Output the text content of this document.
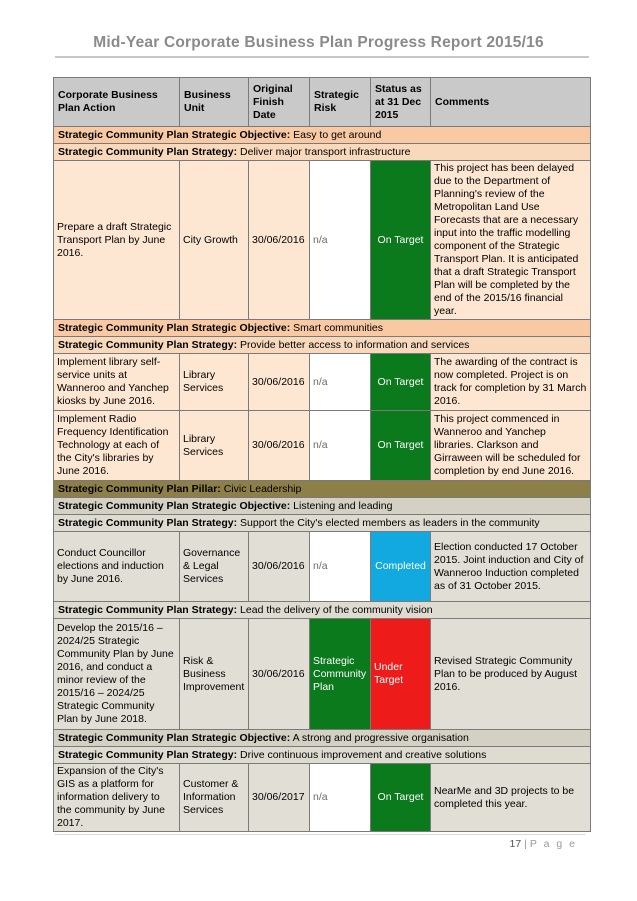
Mid-Year Corporate Business Plan Progress Report 2015/16
Corporate Business Plan Action	Business Unit	Original Finish Date	Strategic Risk	Status as at 31 Dec 2015	Comments
Strategic Community Plan Strategic Objective: Easy to get around					
Strategic Community Plan Strategy: Deliver major transport infrastructure					
Prepare a draft Strategic Transport Plan by June 2016.	City Growth	30/06/2016	n/a	On Target	This project has been delayed due to the Department of Planning's review of the Metropolitan Land Use Forecasts that are a necessary input into the traffic modelling component of the Strategic Transport Plan. It is anticipated that a draft Strategic Transport Plan will be completed by the end of the 2015/16 financial year.
Strategic Community Plan Strategic Objective: Smart communities					
Strategic Community Plan Strategy: Provide better access to information and services					
Implement library self-service units at Wanneroo and Yanchep kiosks by June 2016.	Library Services	30/06/2016	n/a	On Target	The awarding of the contract is now completed. Project is on track for completion by 31 March 2016.
Implement Radio Frequency Identification Technology at each of the City's libraries by June 2016.	Library Services	30/06/2016	n/a	On Target	This project commenced in Wanneroo and Yanchep libraries. Clarkson and Girraween will be scheduled for completion by end June 2016.
Strategic Community Plan Pillar: Civic Leadership					
Strategic Community Plan Strategic Objective: Listening and leading					
Strategic Community Plan Strategy: Support the City's elected members as leaders in the community					
Conduct Councillor elections and induction by June 2016.	Governance & Legal Services	30/06/2016	n/a	Completed	Election conducted 17 October 2015. Joint induction and City of Wanneroo Induction completed as of 31 October 2015.
Strategic Community Plan Strategy: Lead the delivery of the community vision					
Develop the 2015/16 – 2024/25 Strategic Community Plan by June 2016, and conduct a minor review of the 2015/16 – 2024/25 Strategic Community Plan by June 2018.	Risk & Business Improvement	30/06/2016	Strategic Community Plan	Under Target	Revised Strategic Community Plan to be produced by August 2016.
Strategic Community Plan Strategic Objective: A strong and progressive organisation					
Strategic Community Plan Strategy: Drive continuous improvement and creative solutions					
Expansion of the City's GIS as a platform for information delivery to the community by June 2017.	Customer & Information Services	30/06/2017	n/a	On Target	NearMe and 3D projects to be completed this year.
17 | P a g e
